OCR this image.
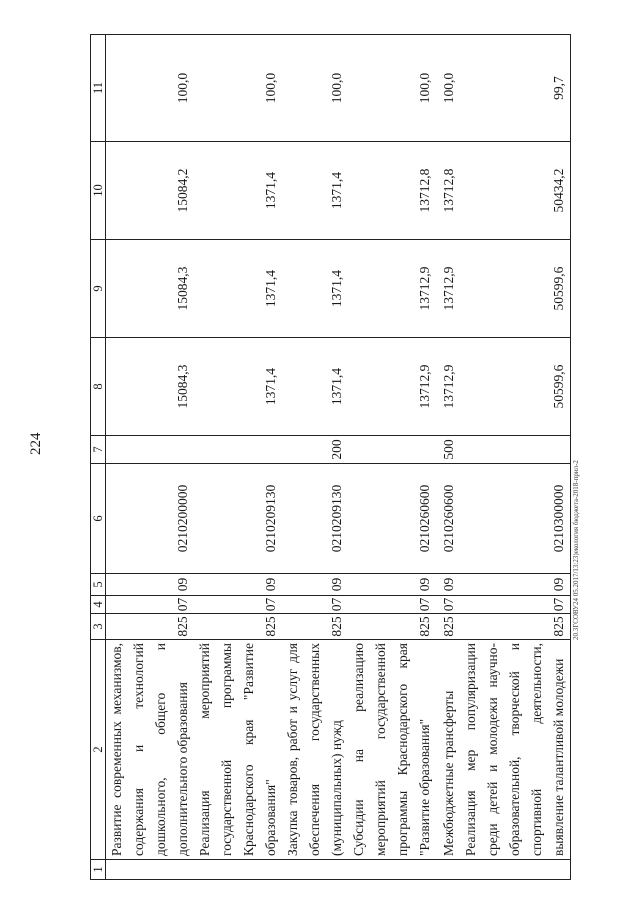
224
20.3ГСОВУ24 05.2017/13:23)екология бюджета-2018-прил-2
1	2	3	4	5	6	7	8	9	10	11
	Развитие современных механизмов, содержания и технологий дошкольного, общего и дополнительного образования	825	07	09	0210200000		15084,3	15084,3	15084,2	100,0
	Реализация мероприятий государственной программы Краснодарского края "Развитие образования"	825	07	09	0210209130		1371,4	1371,4	1371,4	100,0
	Закупка товаров, работ и услуг для обеспечения государственных (муниципальных) нужд	825	07	09	0210209130	200	1371,4	1371,4	1371,4	100,0
	Субсидии на реализацию мероприятий государственной программы Краснодарского края "Развитие образования"	825	07	09	0210260600		13712,9	13712,9	13712,8	100,0
	Межбюджетные трансферты	825	07	09	0210260600	500	13712,9	13712,9	13712,8	100,0
	Реализация мер популяризации среди детей и молодежи научно-образовательной, творческой и спортивной деятельности, выявление талантливой молодежи	825	07	09	0210300000		50599,6	50599,6	50434,2	99,7
